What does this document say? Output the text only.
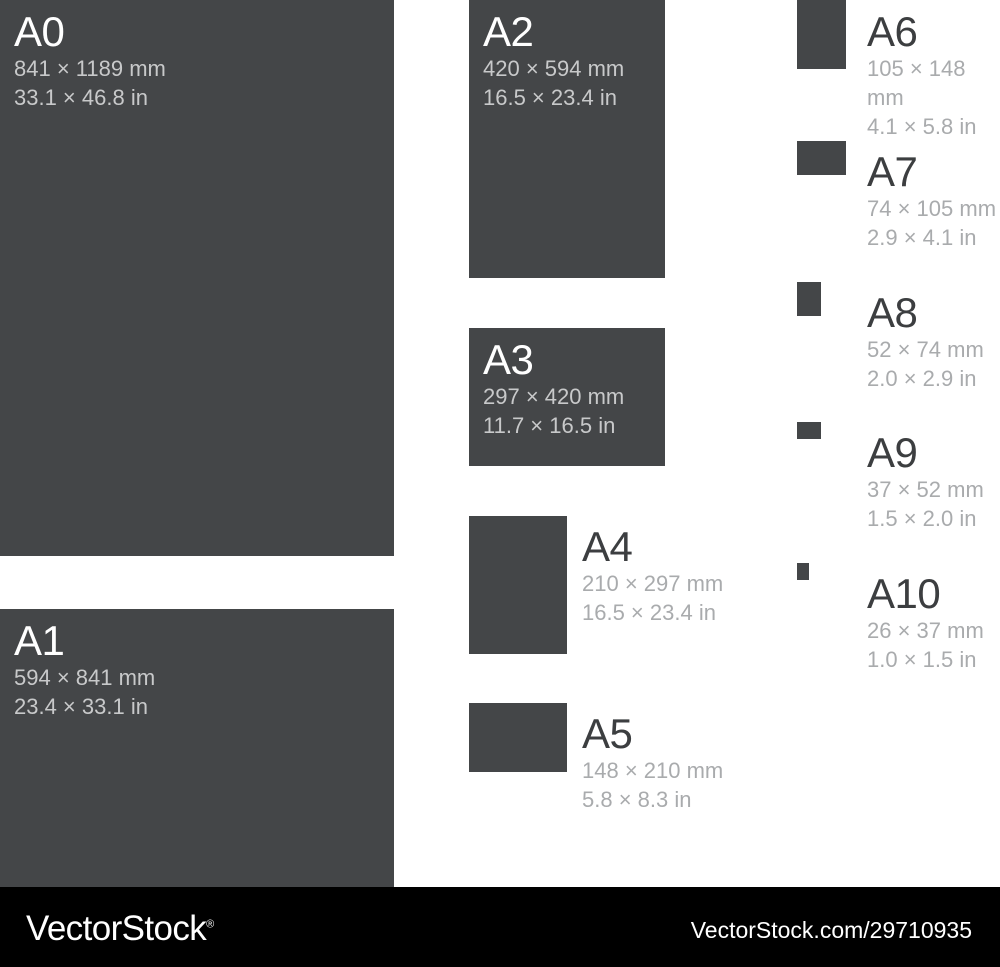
A0
841 × 1189 mm
33.1 × 46.8 in
A1
594 × 841 mm
23.4 × 33.1 in
A2
420 × 594 mm
16.5 × 23.4 in
A3
297 × 420 mm
11.7 × 16.5 in
A4
210 × 297 mm
16.5 × 23.4 in
A5
148 × 210 mm
5.8 × 8.3 in
A6
105 × 148 mm
4.1 × 5.8 in
A7
74 × 105 mm
2.9 × 4.1 in
A8
52 × 74 mm
2.0 × 2.9 in
A9
37 × 52 mm
1.5 × 2.0 in
A10
26 × 37 mm
1.0 × 1.5 in
VectorStock®	VectorStock.com/29710935
